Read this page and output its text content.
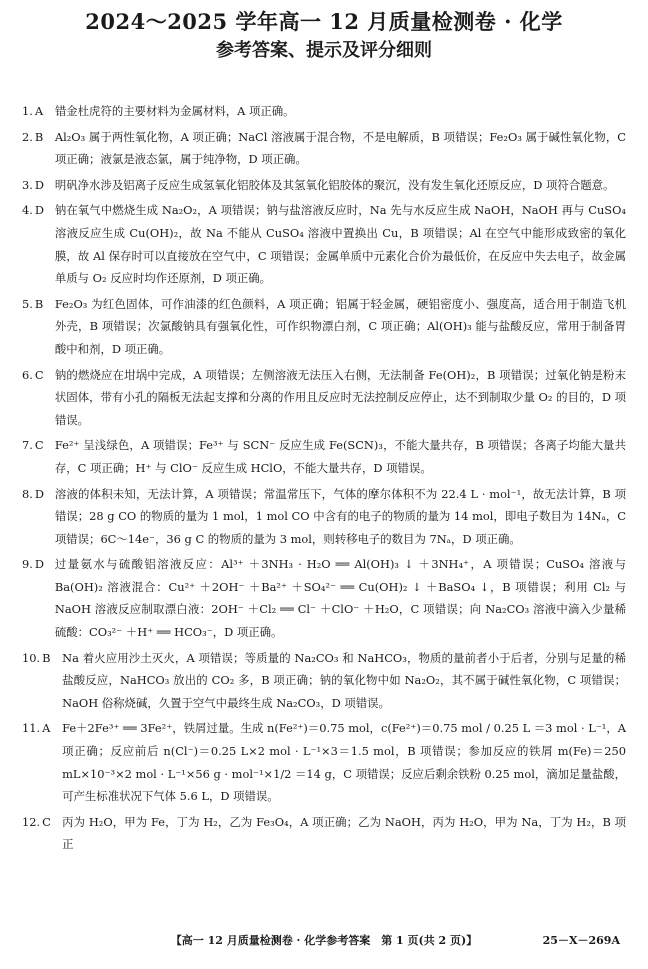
2024～2025 学年高一 12 月质量检测卷 · 化学
参考答案、提示及评分细则
1. A	错金杜虎符的主要材料为金属材料，A 项正确。
2. B	Al₂O₃ 属于两性氧化物，A 项正确；NaCl 溶液属于混合物，不是电解质，B 项错误；Fe₂O₃ 属于碱性氧化物，C 项正确；液氯是液态氯，属于纯净物，D 项正确。
3. D 明矾净水涉及铝离子反应生成氢氧化铝胶体及其氢氧化铝胶体的聚沉，没有发生氧化还原反应，D 项符合题意。
4. D 钠在氧气中燃烧生成 Na₂O₂，A 项错误；钠与盐溶液反应时，Na 先与水反应生成 NaOH，NaOH 再与 CuSO₄ 溶液反应生成 Cu(OH)₂，故 Na 不能从 CuSO₄ 溶液中置换出 Cu，B 项错误；Al 在空气中能形成致密的氧化膜，故 Al 保存时可以直接放在空气中，C 项错误；金属单质中元素化合价为最低价，在反应中失去电子，故金属单质与 O₂ 反应时均作还原剂，D 项正确。
5. B	Fe₂O₃ 为红色固体，可作油漆的红色颜料，A 项正确；铝属于轻金属，硬铝密度小、强度高，适合用于制造飞机外壳，B 项错误；次氯酸钠具有强氧化性，可作织物漂白剂，C 项正确；Al(OH)₃ 能与盐酸反应，常用于制备胃酸中和剂，D 项正确。
6. C 钠的燃烧应在坩埚中完成，A 项错误；左侧溶液无法压入右侧，无法制备 Fe(OH)₂，B 项错误；过氧化钠是粉末状固体，带有小孔的隔板无法起支撑和分离的作用且反应时无法控制反应停止，达不到制取少量 O₂ 的目的，D 项错误。
7. C Fe²⁺ 呈浅绿色，A 项错误；Fe³⁺ 与 SCN⁻ 反应生成 Fe(SCN)₃，不能大量共存，B 项错误；各离子均能大量共存，C 项正确；H⁺ 与 ClO⁻ 反应生成 HClO，不能大量共存，D 项错误。
8. D 溶液的体积未知，无法计算，A 项错误；常温常压下，气体的摩尔体积不为 22.4 L · mol⁻¹，故无法计算，B 项错误；28 g CO 的物质的量为 1 mol，1 mol CO 中含有的电子的物质的量为 14 mol，即电子数目为 14Nₐ，C 项错误；6C～14e⁻，36 g C 的物质的量为 3 mol，则转移电子的数目为 7Nₐ，D 项正确。
9. D 过量氨水与硫酸铝溶液反应：Al³⁺ ＋3NH₃ · H₂O ══ Al(OH)₃ ↓ ＋3NH₄⁺，A 项错误；CuSO₄ 溶液与 Ba(OH)₂ 溶液混合：Cu²⁺ ＋2OH⁻ ＋Ba²⁺ ＋SO₄²⁻ ══ Cu(OH)₂ ↓ ＋BaSO₄ ↓，B 项错误；利用 Cl₂ 与 NaOH 溶液反应制取漂白液：2OH⁻ ＋Cl₂ ══ Cl⁻ ＋ClO⁻ ＋H₂O，C 项错误；向 Na₂CO₃ 溶液中滴入少量稀硫酸：CO₃²⁻ ＋H⁺ ══ HCO₃⁻，D 项正确。
10. B	Na 着火应用沙土灭火，A 项错误；等质量的 Na₂CO₃ 和 NaHCO₃，物质的量前者小于后者，分别与足量的稀盐酸反应，NaHCO₃ 放出的 CO₂ 多，B 项正确；钠的氧化物中如 Na₂O₂，其不属于碱性氧化物，C 项错误；NaOH 俗称烧碱，久置于空气中最终生成 Na₂CO₃，D 项错误。
11. A	Fe＋2Fe³⁺ ══ 3Fe²⁺，铁屑过量。生成 n(Fe²⁺)＝0.75 mol，c(Fe²⁺)＝0.75 mol / 0.25 L ＝3 mol · L⁻¹，A 项正确；反应前后 n(Cl⁻)＝0.25 L×2 mol · L⁻¹×3＝1.5 mol，B 项错误；参加反应的铁屑 m(Fe)＝250 mL×10⁻³×2 mol · L⁻¹×56 g · mol⁻¹×1/2 ＝14 g，C 项错误；反应后剩余铁粉 0.25 mol，滴加足量盐酸，可产生标准状况下气体 5.6 L，D 项错误。
12. C 丙为 H₂O，甲为 Fe，丁为 H₂，乙为 Fe₃O₄，A 项正确；乙为 NaOH，丙为 H₂O，甲为 Na，丁为 H₂，B 项正
【高一 12 月质量检测卷 · 化学参考答案　第 1 页(共 2 页)】	25－X－269A
